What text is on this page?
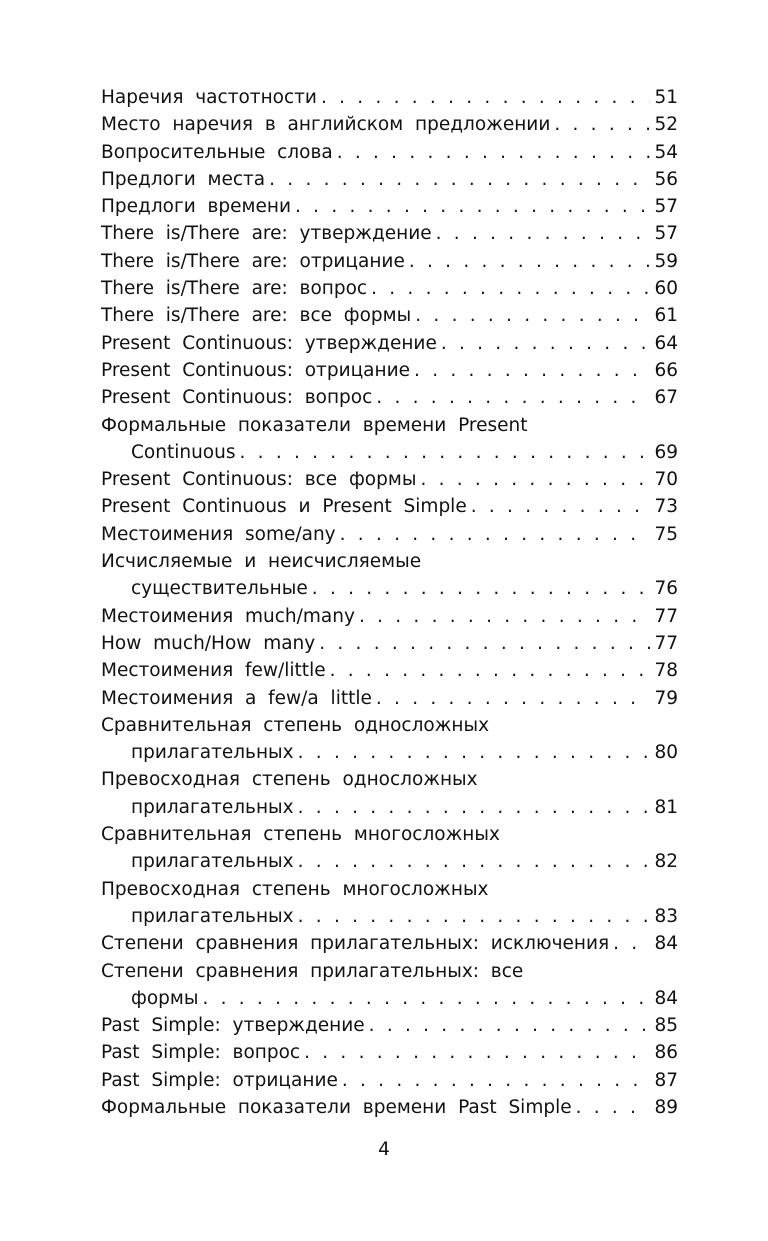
Наречия частотности . . .	51
Место наречия в английском предложении . . .	52
Вопросительные слова . . .	54
Предлоги места . . .	56
Предлоги времени . . .	57
There is/There are: утверждение . . .	57
There is/There are: отрицание . . .	59
There is/There are: вопрос . . .	60
There is/There are: все формы . . .	61
Present Continuous: утверждение . . .	64
Present Continuous: отрицание . . .	66
Present Continuous: вопрос . . .	67
Формальные показатели времени Present
Continuous . . .	69
Present Continuous: все формы . . .	70
Present Continuous и Present Simple . . .	73
Местоимения some/any . . .	75
Исчисляемые и неисчисляемые
существительные . . .	76
Местоимения much/many . . .	77
How much/How many . . .	77
Местоимения few/little . . .	78
Местоимения a few/a little . . .	79
Сравнительная степень односложных
прилагательных . . .	80
Превосходная степень односложных
прилагательных . . .	81
Сравнительная степень многосложных
прилагательных . . .	82
Превосходная степень многосложных
прилагательных . . .	83
Степени сравнения прилагательных: исключения . . . 84
Степени сравнения прилагательных: все
формы . . .	84
Past Simple: утверждение . . .	85
Past Simple: вопрос . . .	86
Past Simple: отрицание . . .	87
Формальные показатели времени Past Simple . . .	89
4
